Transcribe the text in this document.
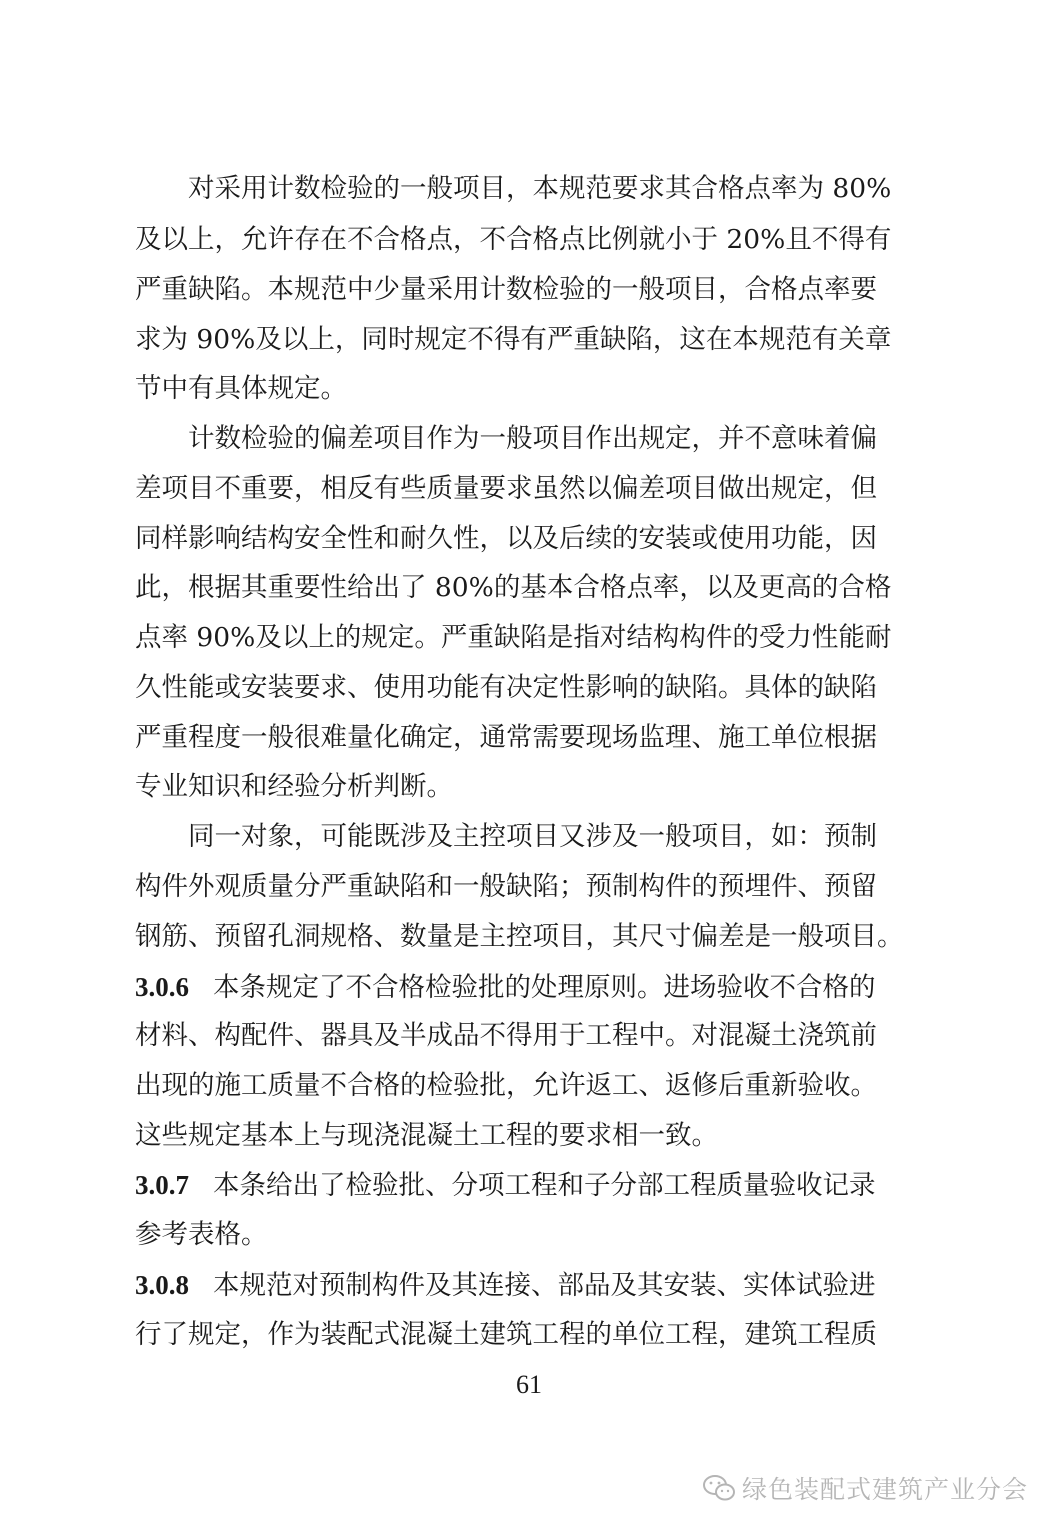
　　对采用计数检验的一般项目，本规范要求其合格点率为 80%
及以上，允许存在不合格点，不合格点比例就小于 20%且不得有
严重缺陷。本规范中少量采用计数检验的一般项目，合格点率要
求为 90%及以上，同时规定不得有严重缺陷，这在本规范有关章
节中有具体规定。
　　计数检验的偏差项目作为一般项目作出规定，并不意味着偏
差项目不重要，相反有些质量要求虽然以偏差项目做出规定，但
同样影响结构安全性和耐久性，以及后续的安装或使用功能，因
此，根据其重要性给出了 80%的基本合格点率，以及更高的合格
点率 90%及以上的规定。严重缺陷是指对结构构件的受力性能耐
久性能或安装要求、使用功能有决定性影响的缺陷。具体的缺陷
严重程度一般很难量化确定，通常需要现场监理、施工单位根据
专业知识和经验分析判断。
　　同一对象，可能既涉及主控项目又涉及一般项目，如：预制
构件外观质量分严重缺陷和一般缺陷；预制构件的预埋件、预留
钢筋、预留孔洞规格、数量是主控项目，其尺寸偏差是一般项目。
3.0.6 本条规定了不合格检验批的处理原则。进场验收不合格的
材料、构配件、器具及半成品不得用于工程中。对混凝土浇筑前
出现的施工质量不合格的检验批，允许返工、返修后重新验收。
这些规定基本上与现浇混凝土工程的要求相一致。
3.0.7 本条给出了检验批、分项工程和子分部工程质量验收记录
参考表格。
3.0.8 本规范对预制构件及其连接、部品及其安装、实体试验进
行了规定，作为装配式混凝土建筑工程的单位工程，建筑工程质
61
绿色装配式建筑产业分会
